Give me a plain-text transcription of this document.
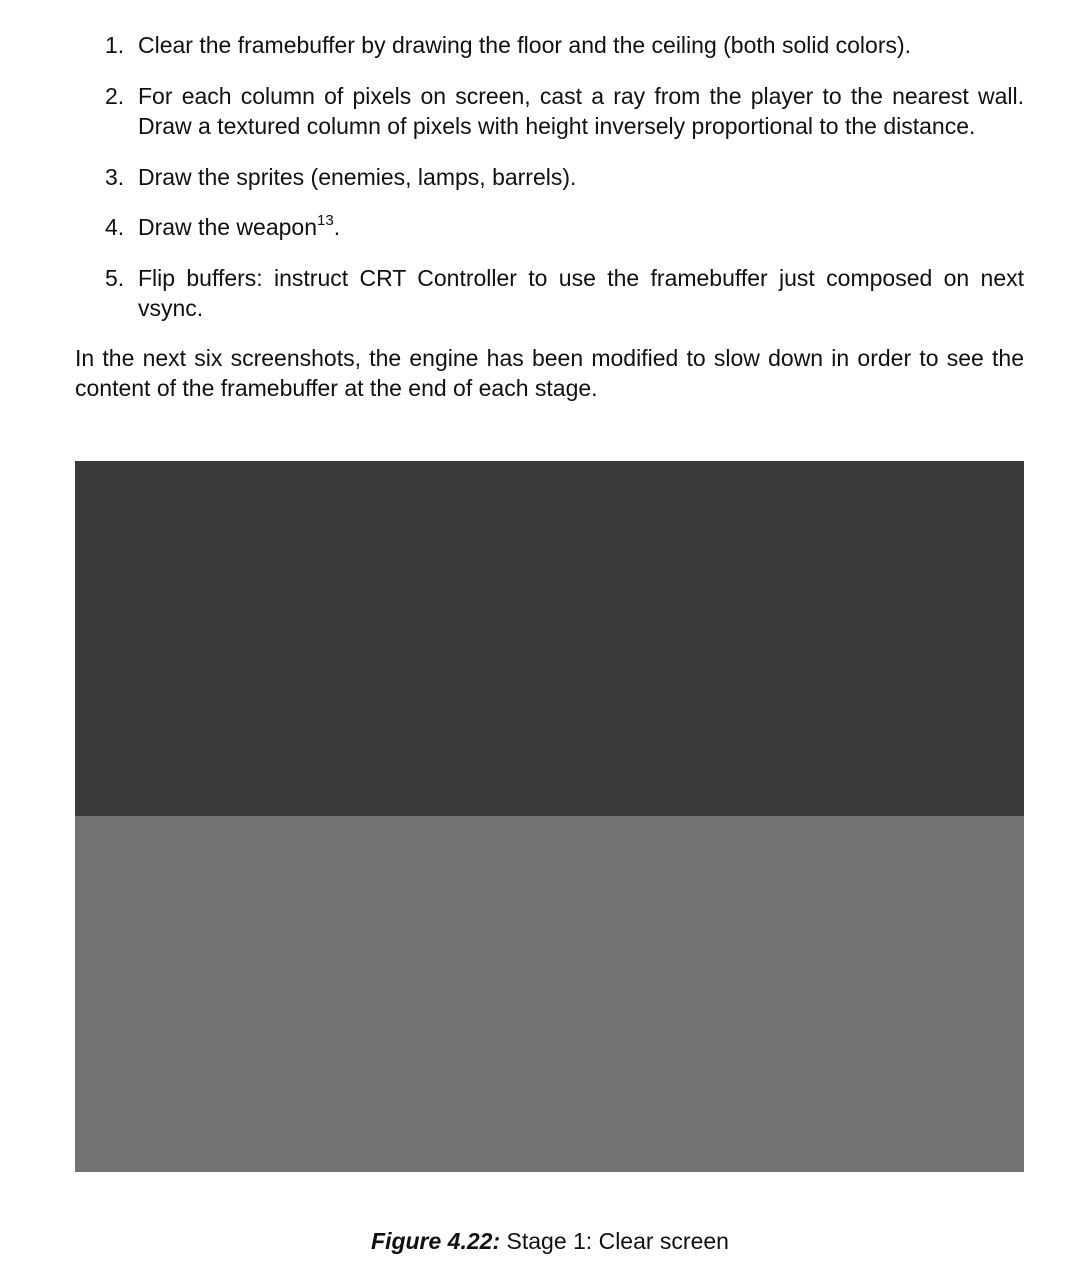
1. Clear the framebuffer by drawing the floor and the ceiling (both solid colors).
2. For each column of pixels on screen, cast a ray from the player to the nearest wall. Draw a textured column of pixels with height inversely proportional to the distance.
3. Draw the sprites (enemies, lamps, barrels).
4. Draw the weapon$^{13}$.
5. Flip buffers: instruct CRT Controller to use the framebuffer just composed on next vsync.

In the next six screenshots, the engine has been modified to slow down in order to see the content of the framebuffer at the end of each stage.

Figure 4.22: Stage 1: Clear screen
